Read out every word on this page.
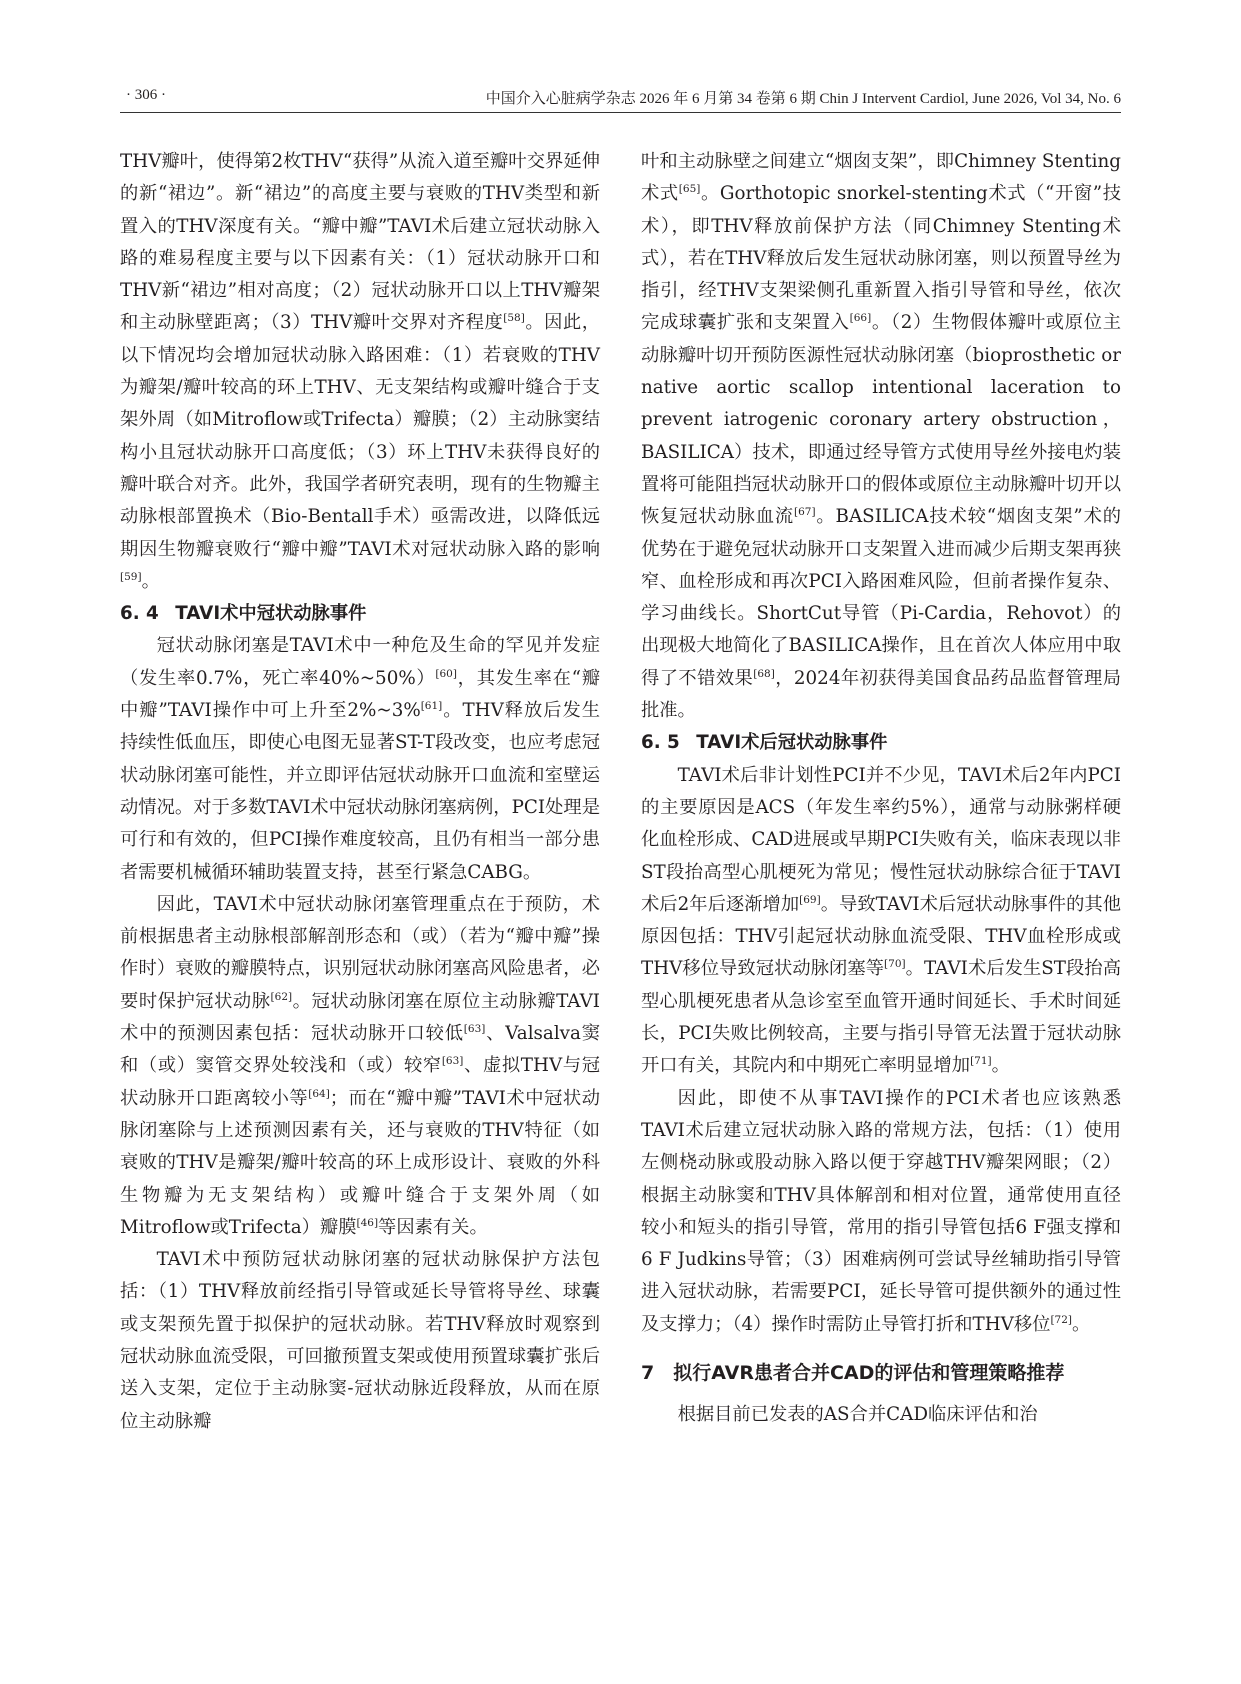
· 306 ·	中国介入心脏病学杂志 2026 年 6 月第 34 卷第 6 期 Chin J Intervent Cardiol, June 2026, Vol 34, No. 6

THV瓣叶，使得第2枚THV“获得”从流入道至瓣叶交界延伸的新“裙边”。新“裙边”的高度主要与衰败的THV类型和新置入的THV深度有关。“瓣中瓣”TAVI术后建立冠状动脉入路的难易程度主要与以下因素有关：（1）冠状动脉开口和THV新“裙边”相对高度；（2）冠状动脉开口以上THV瓣架和主动脉壁距离；（3）THV瓣叶交界对齐程度[58]。因此，以下情况均会增加冠状动脉入路困难：（1）若衰败的THV为瓣架/瓣叶较高的环上THV、无支架结构或瓣叶缝合于支架外周（如Mitroflow或Trifecta）瓣膜；（2）主动脉窦结构小且冠状动脉开口高度低；（3）环上THV未获得良好的瓣叶联合对齐。此外，我国学者研究表明，现有的生物瓣主动脉根部置换术（Bio-Bentall手术）亟需改进，以降低远期因生物瓣衰败行“瓣中瓣”TAVI术对冠状动脉入路的影响[59]。

6. 4 TAVI术中冠状动脉事件

冠状动脉闭塞是TAVI术中一种危及生命的罕见并发症（发生率0.7%，死亡率40%~50%）[60]，其发生率在“瓣中瓣”TAVI操作中可上升至2%~3%[61]。THV释放后发生持续性低血压，即使心电图无显著ST-T段改变，也应考虑冠状动脉闭塞可能性，并立即评估冠状动脉开口血流和室壁运动情况。对于多数TAVI术中冠状动脉闭塞病例，PCI处理是可行和有效的，但PCI操作难度较高，且仍有相当一部分患者需要机械循环辅助装置支持，甚至行紧急CABG。

因此，TAVI术中冠状动脉闭塞管理重点在于预防，术前根据患者主动脉根部解剖形态和（或）（若为“瓣中瓣”操作时）衰败的瓣膜特点，识别冠状动脉闭塞高风险患者，必要时保护冠状动脉[62]。冠状动脉闭塞在原位主动脉瓣TAVI术中的预测因素包括：冠状动脉开口较低[63]、Valsalva窦和（或）窦管交界处较浅和（或）较窄[63]、虚拟THV与冠状动脉开口距离较小等[64]；而在“瓣中瓣”TAVI术中冠状动脉闭塞除与上述预测因素有关，还与衰败的THV特征（如衰败的THV是瓣架/瓣叶较高的环上成形设计、衰败的外科生物瓣为无支架结构）或瓣叶缝合于支架外周（如Mitroflow或Trifecta）瓣膜[46]等因素有关。

TAVI术中预防冠状动脉闭塞的冠状动脉保护方法包括：（1）THV释放前经指引导管或延长导管将导丝、球囊或支架预先置于拟保护的冠状动脉。若THV释放时观察到冠状动脉血流受限，可回撤预置支架或使用预置球囊扩张后送入支架，定位于主动脉窦-冠状动脉近段释放，从而在原位主动脉瓣

叶和主动脉壁之间建立“烟囱支架”，即Chimney Stenting术式[65]。Gorthotopic snorkel-stenting术式（“开窗”技术），即THV释放前保护方法（同Chimney Stenting术式），若在THV释放后发生冠状动脉闭塞，则以预置导丝为指引，经THV支架梁侧孔重新置入指引导管和导丝，依次完成球囊扩张和支架置入[66]。（2）生物假体瓣叶或原位主动脉瓣叶切开预防医源性冠状动脉闭塞（bioprosthetic or native aortic scallop intentional laceration to prevent iatrogenic coronary artery obstruction，BASILICA）技术，即通过经导管方式使用导丝外接电灼装置将可能阻挡冠状动脉开口的假体或原位主动脉瓣叶切开以恢复冠状动脉血流[67]。BASILICA技术较“烟囱支架”术的优势在于避免冠状动脉开口支架置入进而减少后期支架再狭窄、血栓形成和再次PCI入路困难风险，但前者操作复杂、学习曲线长。ShortCut导管（Pi-Cardia，Rehovot）的出现极大地简化了BASILICA操作，且在首次人体应用中取得了不错效果[68]，2024年初获得美国食品药品监督管理局批准。

6. 5 TAVI术后冠状动脉事件

TAVI术后非计划性PCI并不少见，TAVI术后2年内PCI的主要原因是ACS（年发生率约5%），通常与动脉粥样硬化血栓形成、CAD进展或早期PCI失败有关，临床表现以非ST段抬高型心肌梗死为常见；慢性冠状动脉综合征于TAVI术后2年后逐渐增加[69]。导致TAVI术后冠状动脉事件的其他原因包括：THV引起冠状动脉血流受限、THV血栓形成或THV移位导致冠状动脉闭塞等[70]。TAVI术后发生ST段抬高型心肌梗死患者从急诊室至血管开通时间延长、手术时间延长，PCI失败比例较高，主要与指引导管无法置于冠状动脉开口有关，其院内和中期死亡率明显增加[71]。

因此，即使不从事TAVI操作的PCI术者也应该熟悉TAVI术后建立冠状动脉入路的常规方法，包括：（1）使用左侧桡动脉或股动脉入路以便于穿越THV瓣架网眼；（2）根据主动脉窦和THV具体解剖和相对位置，通常使用直径较小和短头的指引导管，常用的指引导管包括6 F强支撑和6 F Judkins导管；（3）困难病例可尝试导丝辅助指引导管进入冠状动脉，若需要PCI，延长导管可提供额外的通过性及支撑力；（4）操作时需防止导管打折和THV移位[72]。

7 拟行AVR患者合并CAD的评估和管理策略推荐

根据目前已发表的AS合并CAD临床评估和治
